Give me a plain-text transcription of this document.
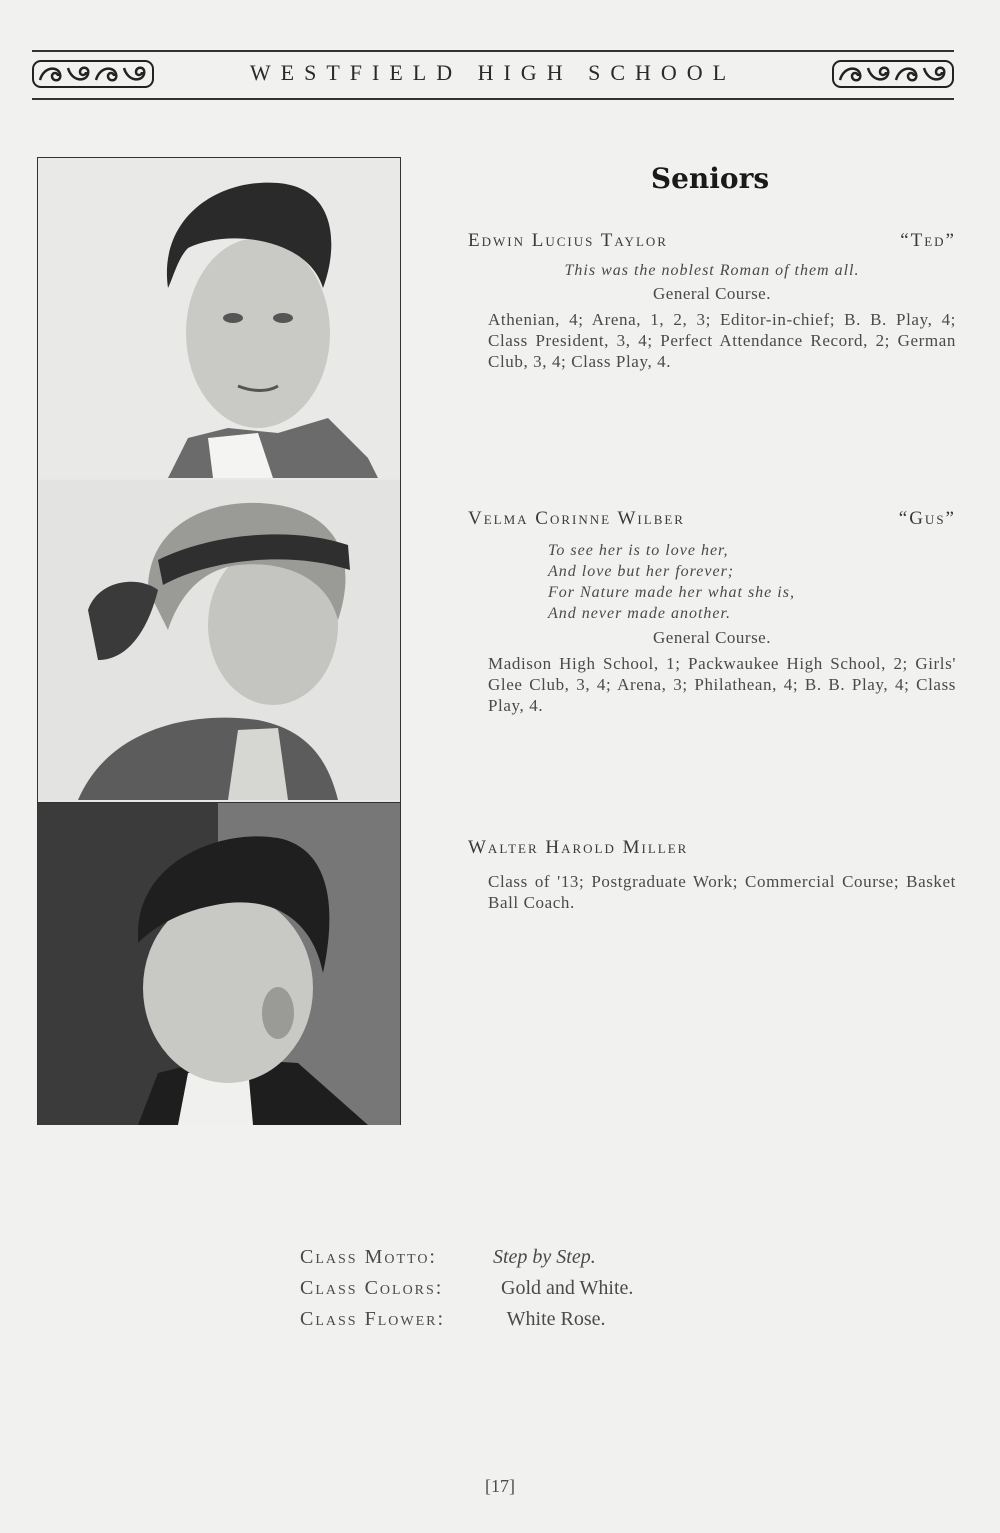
WESTFIELD HIGH SCHOOL
Seniors
Edwin Lucius Taylor	“Ted”
This was the noblest Roman of them all.
General Course.
Athenian, 4; Arena, 1, 2, 3; Editor-in-chief; B. B. Play, 4; Class President, 3, 4; Perfect Attendance Record, 2; German Club, 3, 4; Class Play, 4.
Velma Corinne Wilber	“Gus”
To see her is to love her,
And love but her forever;
For Nature made her what she is,
And never made another.
General Course.
Madison High School, 1; Packwaukee High School, 2; Girls' Glee Club, 3, 4; Arena, 3; Philathean, 4; B. B. Play, 4; Class Play, 4.
Walter Harold Miller
Class of '13; Postgraduate Work; Commercial Course; Basket Ball Coach.
Class Motto:	Step by Step.
Class Colors:	Gold and White.
Class Flower:	White Rose.
[17]
